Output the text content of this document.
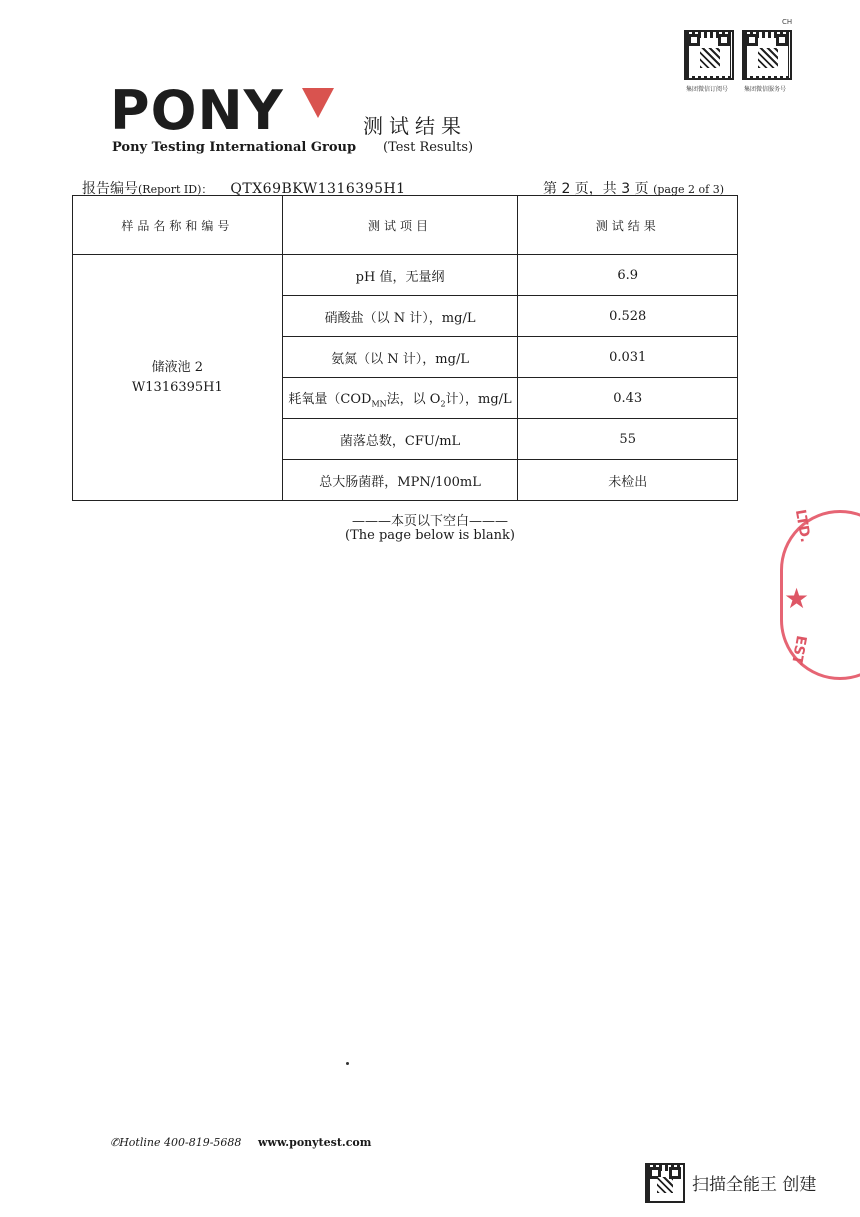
集团微信订阅号	集团微信服务号
CH
PONY
Pony Testing International Group
测试结果
(Test Results)
报告编号(Report ID)： QTX69BKW1316395H1	第 2 页，共 3 页 (page 2 of 3)
样品名称和编号	测试项目	测试结果

储液池 2
W1316395H1	pH 值，无量纲	6.9
	硝酸盐（以 N 计），mg/L	0.528
	氨氮（以 N 计），mg/L	0.031
	耗氧量（$COD_{MN}$法，以 $O_2$计），mg/L	0.43
	菌落总数，CFU/mL	55
	总大肠菌群，MPN/100mL	未检出
———本页以下空白———
(The page below is blank)	LTD.
★
EST
✆Hotline 400-819-5688 www.ponytest.com
扫描全能王 创建
